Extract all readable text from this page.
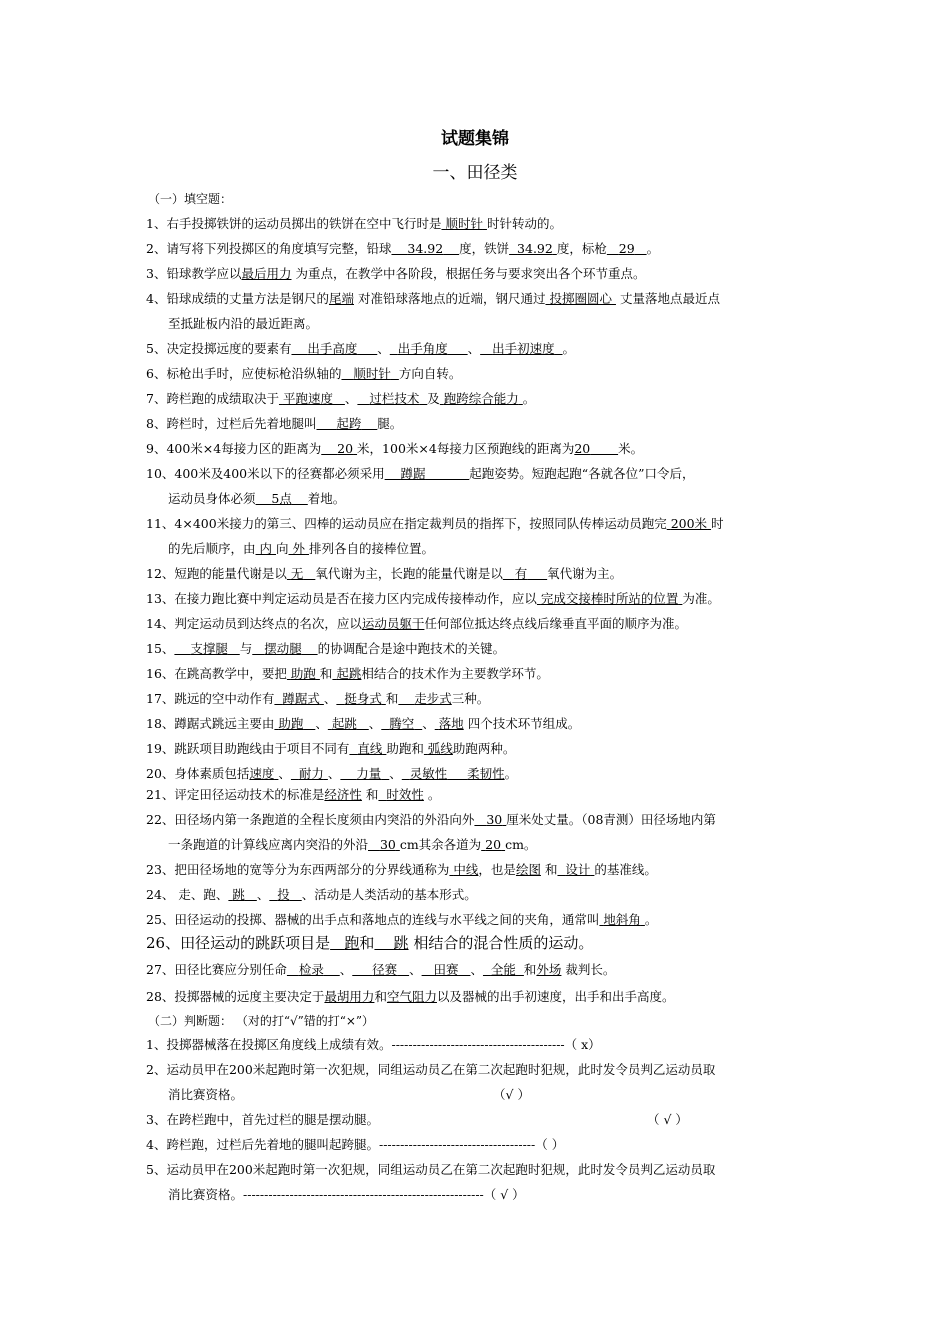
试题集锦
一、田径类
（一）填空题：
1、右手投掷铁饼的运动员掷出的铁饼在空中飞行时是 顺时针 时针转动的。
2、请写将下列投掷区的角度填写完整，铅球 34.92 度，铁饼 34.92 度，标枪 29 。
3、铅球教学应以最后用力 为重点，在教学中各阶段，根据任务与要求突出各个环节重点。
4、铅球成绩的丈量方法是钢尺的尾端 对准铅球落地点的近端，钢尺通过 投掷圈圆心 丈量落地点最近点
至抵趾板内沿的最近距离。
5、决定投掷远度的要素有 出手高度 、 出手角度 、 出手初速度 。
6、标枪出手时，应使标枪沿纵轴的 顺时针 方向自转。
7、跨栏跑的成绩取决于 平跑速度 、 过栏技术 及 跑跨综合能力 。
8、跨栏时，过栏后先着地腿叫 起跨 腿。
9、400米×4每接力区的距离为 20 米，100米×4每接力区预跑线的距离为20 米。
10、400米及400米以下的径赛都必须采用 蹲踞	起跑姿势。短跑起跑“各就各位”口令后，
运动员身体必须 5点 着地。
11、4×400米接力的第三、四棒的运动员应在指定裁判员的指挥下，按照同队传棒运动员跑完 200米 时
的先后顺序，由 内 向 外 排列各自的接棒位置。
12、短跑的能量代谢是以 无 氧代谢为主，长跑的能量代谢是以 有 氧代谢为主。
13、在接力跑比赛中判定运动员是否在接力区内完成传接棒动作，应以 完成交接棒时所站的位置 为准。
14、判定运动员到达终点的名次，应以运动员躯干任何部位抵达终点线后缘垂直平面的顺序为准。
15、 支撑腿 与 摆动腿 的协调配合是途中跑技术的关键。
16、在跳高教学中，要把 助跑 和 起跳相结合的技术作为主要教学环节。
17、跳远的空中动作有 蹲踞式 、 挺身式 和 走步式三种。
18、蹲踞式跳远主要由 助跑 、 起跳 、 腾空 、 落地 四个技术环节组成。
19、跳跃项目助跑线由于项目不同有 直线 助跑和 弧线助跑两种。
20、身体素质包括速度 、 耐力 、 力量 、 灵敏性 柔韧性。
21、评定田径运动技术的标准是经济性 和 时效性 。
22、田径场内第一条跑道的全程长度须由内突沿的外沿向外 30 厘米处丈量。（08青测）田径场地内第
一条跑道的计算线应离内突沿的外沿 30 cm其余各道为 20 cm。
23、把田径场地的宽等分为东西两部分的分界线通称为 中线，也是绘图 和 设计 的基准线。
24、 走、跑、 跳 、 投 、活动是人类活动的基本形式。
25、田径运动的投掷、器械的出手点和落地点的连线与水平线之间的夹角，通常叫 地斜角 。
26、田径运动的跳跃项目是 跑和 跳 相结合的混合性质的运动。
27、田径比赛应分别任命 检录 、 径赛 、 田赛 、 全能 和外场 裁判长。
28、投掷器械的远度主要决定于最胡用力和空气阻力以及器械的出手初速度，出手和出手高度。
（二）判断题： （对的打“√”错的打“×”）
1、投掷器械落在投掷区角度线上成绩有效。-----------------------------------------（ x）
2、运动员甲在200米起跑时第一次犯规，同组运动员乙在第二次起跑时犯规，此时发令员判乙运动员取
消比赛资格。	（√ ）
3、在跨栏跑中，首先过栏的腿是摆动腿。	（ √ ）
4、跨栏跑，过栏后先着地的腿叫起跨腿。-------------------------------------（ ）
5、运动员甲在200米起跑时第一次犯规，同组运动员乙在第二次起跑时犯规，此时发令员判乙运动员取
消比赛资格。---------------------------------------------------------（ √ ）
